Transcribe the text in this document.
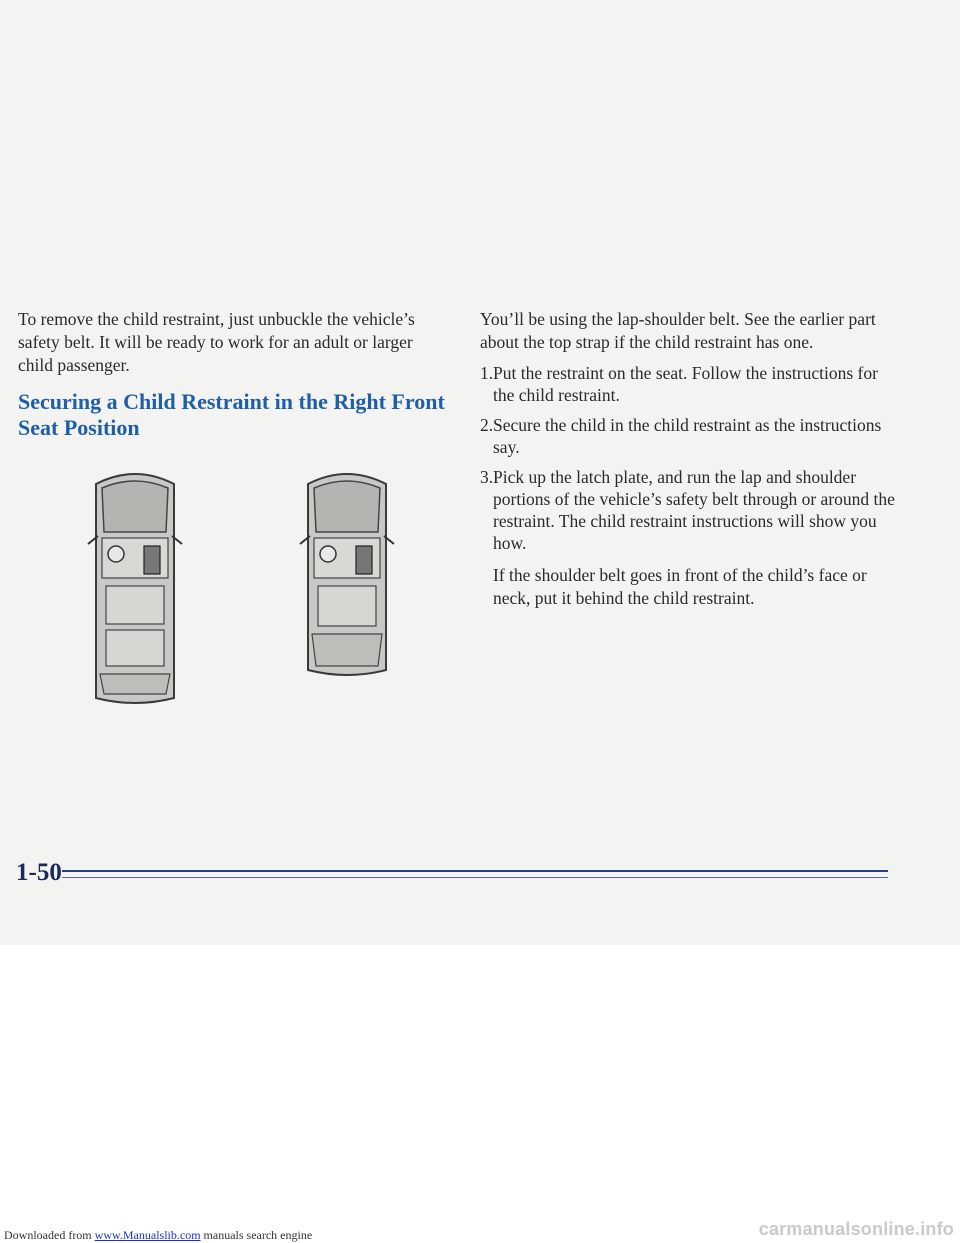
To remove the child restraint, just unbuckle the vehicle’s safety belt. It will be ready to work for an adult or larger child passenger.

Securing a Child Restraint in the Right Front Seat Position

You’ll be using the lap-shoulder belt. See the earlier part about the top strap if the child restraint has one.

1. Put the restraint on the seat. Follow the instructions for the child restraint.
2. Secure the child in the child restraint as the instructions say.
3. Pick up the latch plate, and run the lap and shoulder portions of the vehicle’s safety belt through or around the restraint. The child restraint instructions will show you how.

If the shoulder belt goes in front of the child’s face or neck, put it behind the child restraint.

1-50
Downloaded from www.Manualslib.com manuals search engine	carmanualsonline.info
